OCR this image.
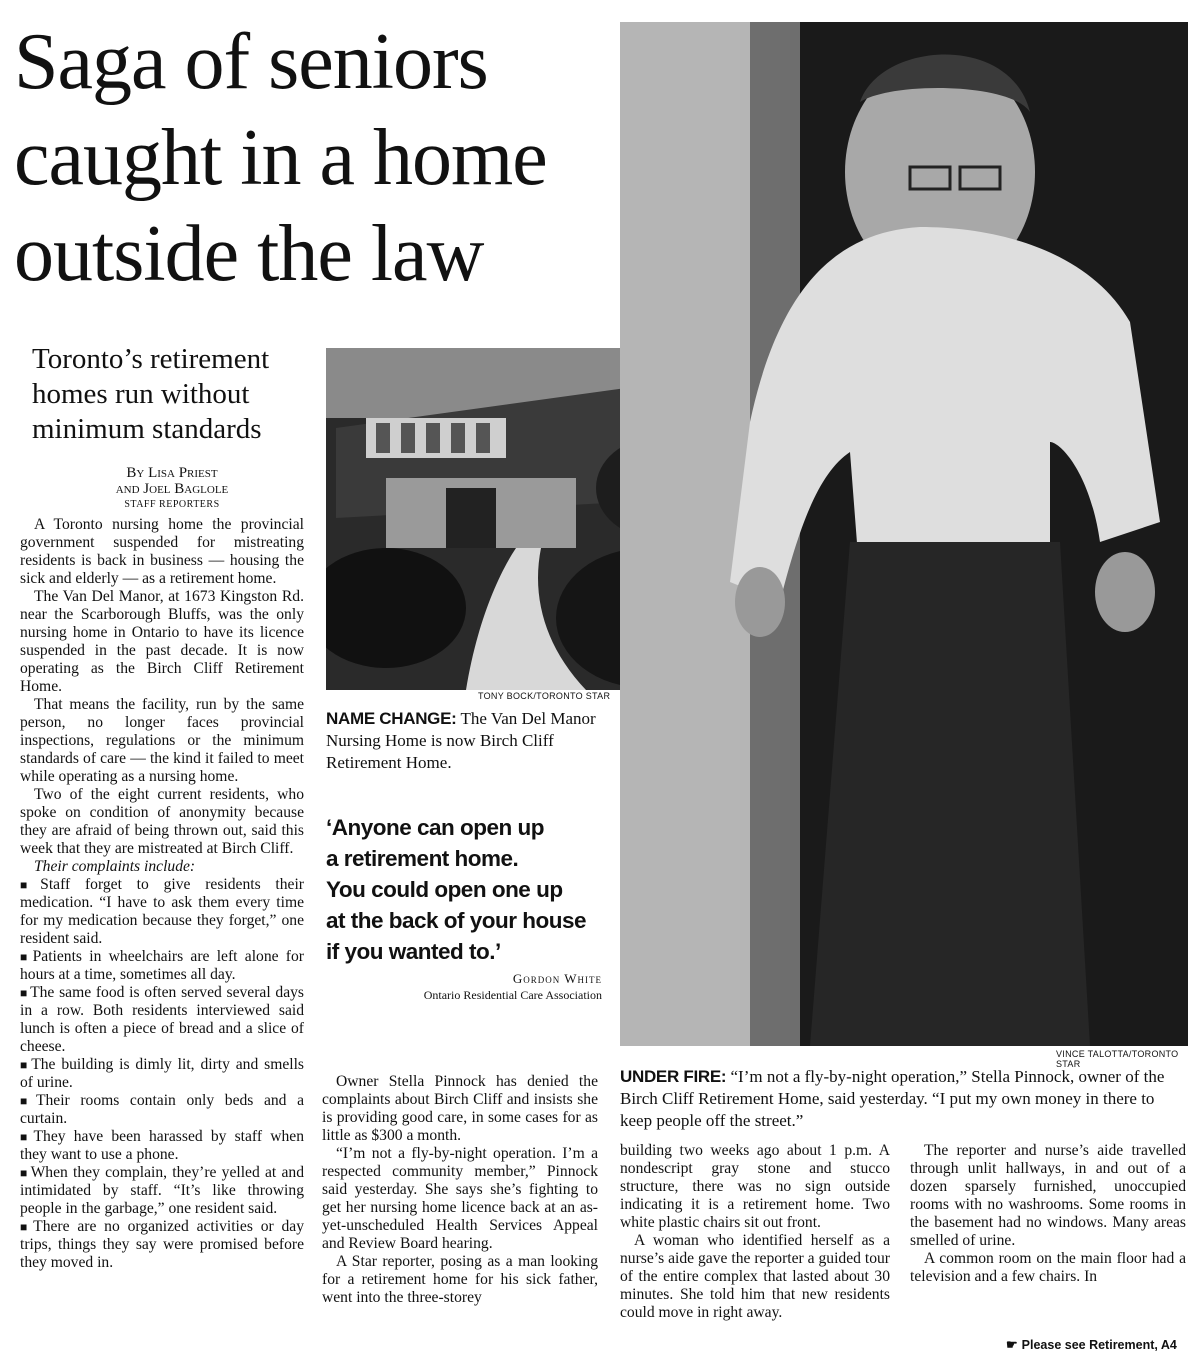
Saga of seniors
caught in a home
outside the law
Toronto’s retirement
homes run without
minimum standards
By Lisa Priest
and Joel Baglole
STAFF REPORTERS

A Toronto nursing home the provincial government suspended for mistreating residents is back in business — housing the sick and elderly — as a retirement home.

The Van Del Manor, at 1673 Kingston Rd. near the Scarborough Bluffs, was the only nursing home in Ontario to have its licence suspended in the past decade. It is now operating as the Birch Cliff Retirement Home.

That means the facility, run by the same person, no longer faces provincial inspections, regulations or the minimum standards of care — the kind it failed to meet while operating as a nursing home.

Two of the eight current residents, who spoke on condition of anonymity because they are afraid of being thrown out, said this week that they are mistreated at Birch Cliff.

Their complaints include:

■ Staff forget to give residents their medication. “I have to ask them every time for my medication because they forget,” one resident said.

■ Patients in wheelchairs are left alone for hours at a time, sometimes all day.

■ The same food is often served several days in a row. Both residents interviewed said lunch is often a piece of bread and a slice of cheese.

■ The building is dimly lit, dirty and smells of urine.

■ Their rooms contain only beds and a curtain.

■ They have been harassed by staff when they want to use a phone.

■ When they complain, they’re yelled at and intimidated by staff. “It’s like throwing people in the garbage,” one resident said.

■ There are no organized activities or day trips, things they say were promised before they moved in.

TONY BOCK/TORONTO STAR
NAME CHANGE: The Van Del Manor Nursing Home is now Birch Cliff Retirement Home.
‘Anyone can open up
a retirement home.
You could open one up
at the back of your house
if you wanted to.’
Gordon White
Ontario Residential Care Association

Owner Stella Pinnock has denied the complaints about Birch Cliff and insists she is providing good care, in some cases for as little as $300 a month.

“I’m not a fly-by-night operation. I’m a respected community member,” Pinnock said yesterday. She says she’s fighting to get her nursing home licence back at an as-yet-unscheduled Health Services Appeal and Review Board hearing.

A Star reporter, posing as a man looking for a retirement home for his sick father, went into the three-storey

VINCE TALOTTA/TORONTO STAR
UNDER FIRE: “I’m not a fly-by-night operation,” Stella Pinnock, owner of the Birch Cliff Retirement Home, said yesterday. “I put my own money in there to keep people off the street.”

building two weeks ago about 1 p.m. A nondescript gray stone and stucco structure, there was no sign outside indicating it is a retirement home. Two white plastic chairs sit out front.

A woman who identified herself as a nurse’s aide gave the reporter a guided tour of the entire complex that lasted about 30 minutes. She told him that new residents could move in right away.

The reporter and nurse’s aide travelled through unlit hallways, in and out of a dozen sparsely furnished, unoccupied rooms with no washrooms. Some rooms in the basement had no windows. Many areas smelled of urine.

A common room on the main floor had a television and a few chairs. In

☛ Please see Retirement, A4
